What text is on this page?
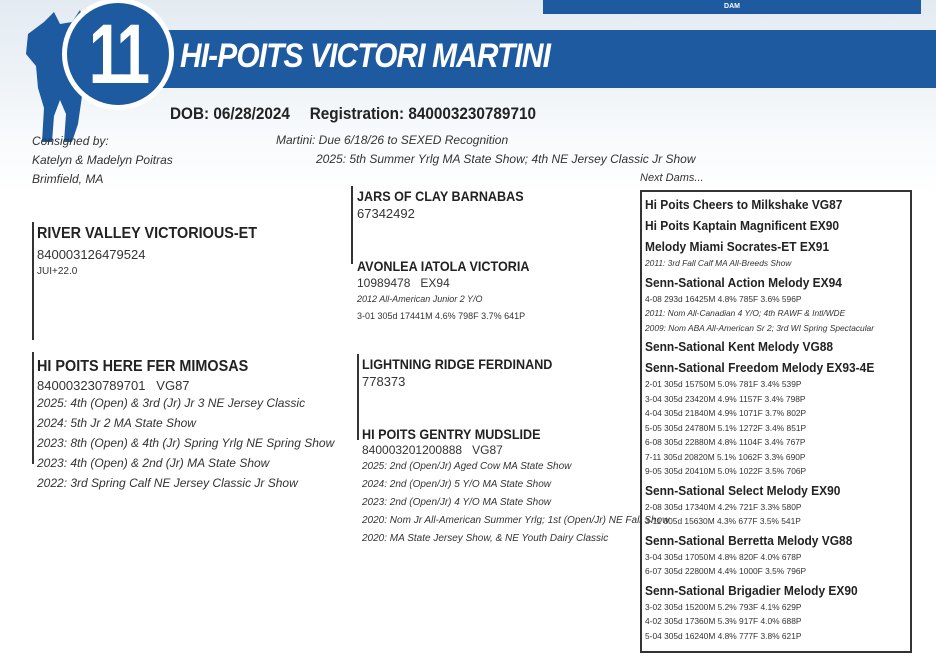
DAM
11 HI-POITS VICTORI MARTINI
DOB: 06/28/2024 Registration: 840003230789710
Consigned by:
Katelyn & Madelyn Poitras
Brimfield, MA
Martini: Due 6/18/26 to SEXED Recognition
2025: 5th Summer Yrlg MA State Show; 4th NE Jersey Classic Jr Show
RIVER VALLEY VICTORIOUS-ET
840003126479524
JUI+22.0
JARS OF CLAY BARNABAS
67342492
AVONLEA IATOLA VICTORIA
10989478   EX94
2012 All-American Junior 2 Y/O
3-01 305d 17441M 4.6% 798F 3.7% 641P
HI POITS HERE FER MIMOSAS
840003230789701   VG87
2025: 4th (Open) & 3rd (Jr) Jr 3 NE Jersey Classic
2024: 5th Jr 2 MA State Show
2023: 8th (Open) & 4th (Jr) Spring Yrlg NE Spring Show
2023: 4th (Open) & 2nd (Jr) MA State Show
2022: 3rd Spring Calf NE Jersey Classic Jr Show
LIGHTNING RIDGE FERDINAND
778373
HI POITS GENTRY MUDSLIDE
840003201200888   VG87
2025: 2nd (Open/Jr) Aged Cow MA State Show
2024: 2nd (Open/Jr) 5 Y/O MA State Show
2023: 2nd (Open/Jr) 4 Y/O MA State Show
2020: Nom Jr All-American Summer Yrlg; 1st (Open/Jr) NE Fall Show
2020: MA State Jersey Show, & NE Youth Dairy Classic
Next Dams...
Hi Poits Cheers to Milkshake VG87
Hi Poits Kaptain Magnificent EX90
Melody Miami Socrates-ET EX91
2011: 3rd Fall Calf MA All-Breeds Show
Senn-Sational Action Melody EX94
4-08 293d 16425M 4.8% 785F 3.6% 596P
2011: Nom All-Canadian 4 Y/O; 4th RAWF & Intl/WDE
2009: Nom ABA All-American Sr 2; 3rd WI Spring Spectacular
Senn-Sational Kent Melody VG88
Senn-Sational Freedom Melody EX93-4E
2-01 305d 15750M 5.0% 781F 3.4% 539P
3-04 305d 23420M 4.9% 1157F 3.4% 798P
4-04 305d 21840M 4.9% 1071F 3.7% 802P
5-05 305d 24780M 5.1% 1272F 3.4% 851P
6-08 305d 22880M 4.8% 1104F 3.4% 767P
7-11 305d 20820M 5.1% 1062F 3.3% 690P
9-05 305d 20410M 5.0% 1022F 3.5% 706P
Senn-Sational Select Melody EX90
2-08 305d 17340M 4.2% 721F 3.3% 580P
3-11 305d 15630M 4.3% 677F 3.5% 541P
Senn-Sational Berretta Melody VG88
3-04 305d 17050M 4.8% 820F 4.0% 678P
6-07 305d 22800M 4.4% 1000F 3.5% 796P
Senn-Sational Brigadier Melody EX90
3-02 305d 15200M 5.2% 793F 4.1% 629P
4-02 305d 17360M 5.3% 917F 4.0% 688P
5-04 305d 16240M 4.8% 777F 3.8% 621P
